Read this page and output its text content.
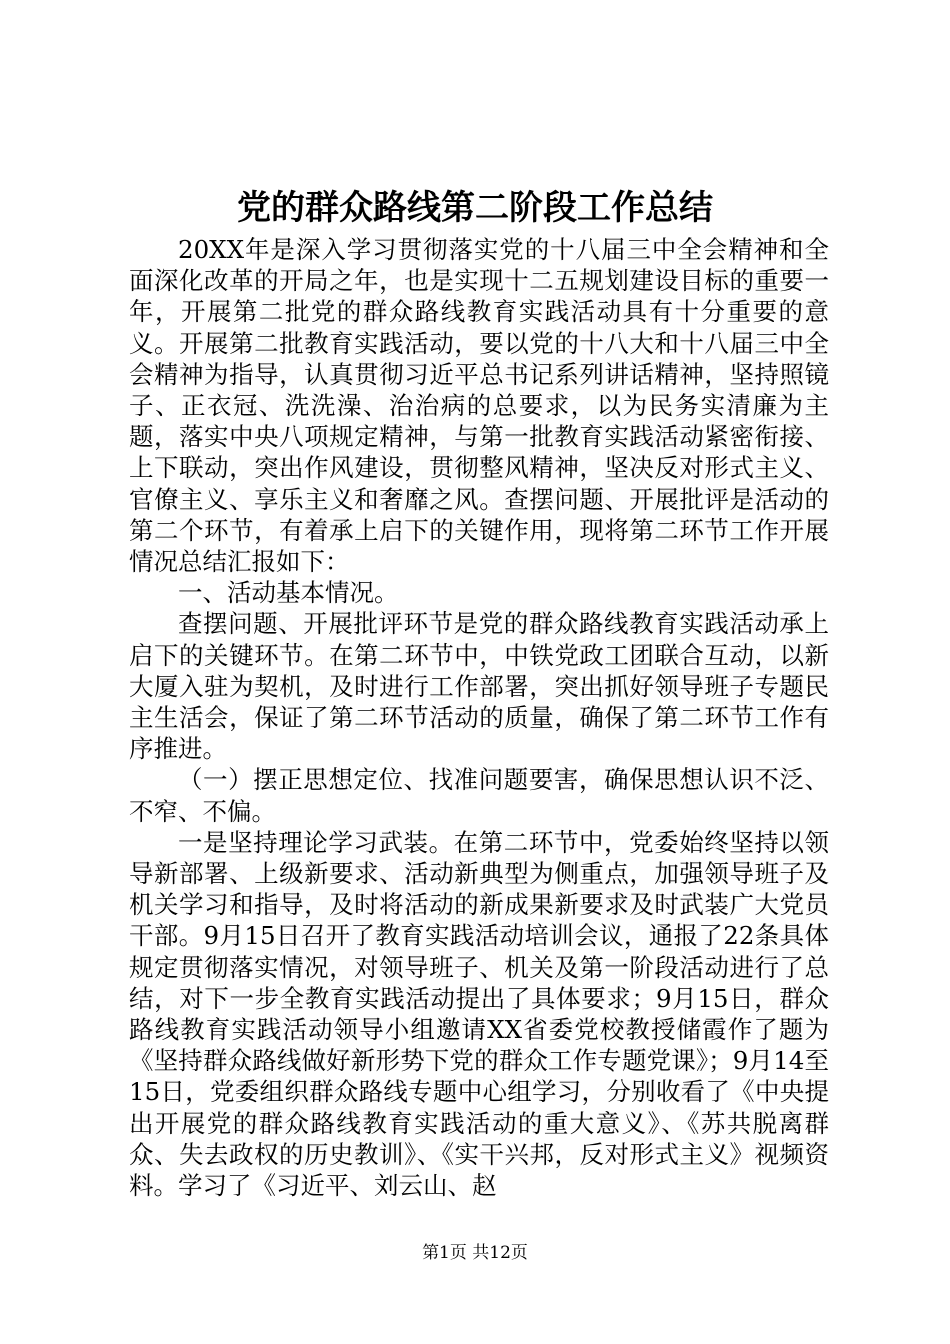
党的群众路线第二阶段工作总结

20XX年是深入学习贯彻落实党的十八届三中全会精神和全面深化改革的开局之年，也是实现十二五规划建设目标的重要一年，开展第二批党的群众路线教育实践活动具有十分重要的意义。开展第二批教育实践活动，要以党的十八大和十八届三中全会精神为指导，认真贯彻习近平总书记系列讲话精神，坚持照镜子、正衣冠、洗洗澡、治治病的总要求，以为民务实清廉为主题，落实中央八项规定精神，与第一批教育实践活动紧密衔接、上下联动，突出作风建设，贯彻整风精神，坚决反对形式主义、官僚主义、享乐主义和奢靡之风。查摆问题、开展批评是活动的第二个环节，有着承上启下的关键作用，现将第二环节工作开展情况总结汇报如下：

一、活动基本情况。

查摆问题、开展批评环节是党的群众路线教育实践活动承上启下的关键环节。在第二环节中，中铁党政工团联合互动，以新大厦入驻为契机，及时进行工作部署，突出抓好领导班子专题民主生活会，保证了第二环节活动的质量，确保了第二环节工作有序推进。

（一）摆正思想定位、找准问题要害，确保思想认识不泛、不窄、不偏。

一是坚持理论学习武装。在第二环节中，党委始终坚持以领导新部署、上级新要求、活动新典型为侧重点，加强领导班子及机关学习和指导，及时将活动的新成果新要求及时武装广大党员干部。9月15日召开了教育实践活动培训会议，通报了22条具体规定贯彻落实情况，对领导班子、机关及第一阶段活动进行了总结，对下一步全教育实践活动提出了具体要求；9月15日，群众路线教育实践活动领导小组邀请XX省委党校教授储霞作了题为《坚持群众路线做好新形势下党的群众工作专题党课》；9月14至15日，党委组织群众路线专题中心组学习，分别收看了《中央提出开展党的群众路线教育实践活动的重大意义》、《苏共脱离群众、失去政权的历史教训》、《实干兴邦，反对形式主义》视频资料。学习了《习近平、刘云山、赵

第1页 共12页
